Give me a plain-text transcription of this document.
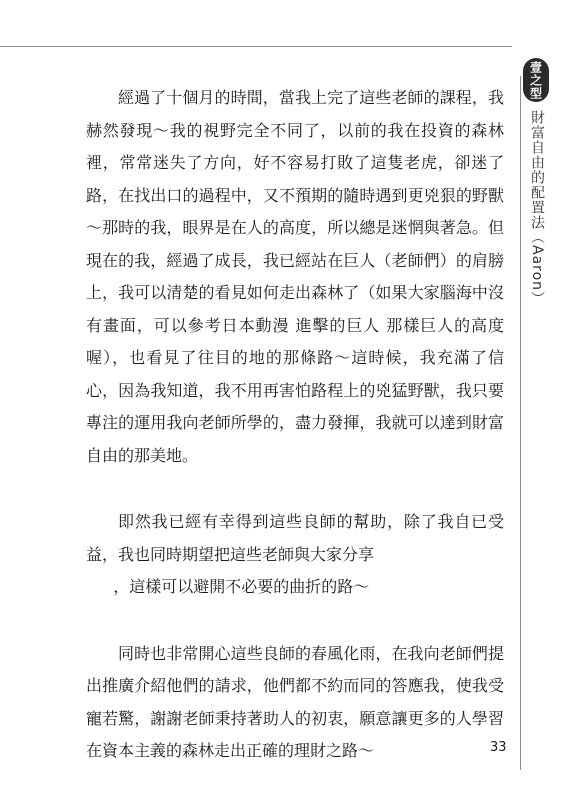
壹之型
財富自由的配置法（Aaron）

經過了十個月的時間，當我上完了這些老師的課程，我赫然發現～我的視野完全不同了，以前的我在投資的森林裡，常常迷失了方向，好不容易打敗了這隻老虎，卻迷了路，在找出口的過程中，又不預期的隨時遇到更兇狠的野獸～那時的我，眼界是在人的高度，所以總是迷惘與著急。但現在的我，經過了成長，我已經站在巨人（老師們）的肩膀上，我可以清楚的看見如何走出森林了（如果大家腦海中沒有畫面，可以參考日本動漫 進擊的巨人 那樣巨人的高度喔），也看見了往目的地的那條路～這時候，我充滿了信心，因為我知道，我不用再害怕路程上的兇猛野獸，我只要專注的運用我向老師所學的，盡力發揮，我就可以達到財富自由的那美地。

即然我已經有幸得到這些良師的幫助，除了我自已受益，我也同時期望把這些老師與大家分享

，這樣可以避開不必要的曲折的路～

同時也非常開心這些良師的春風化雨，在我向老師們提出推廣介紹他們的請求，他們都不約而同的答應我，使我受寵若驚，謝謝老師秉持著助人的初衷，願意讓更多的人學習在資本主義的森林走出正確的理財之路～	33
